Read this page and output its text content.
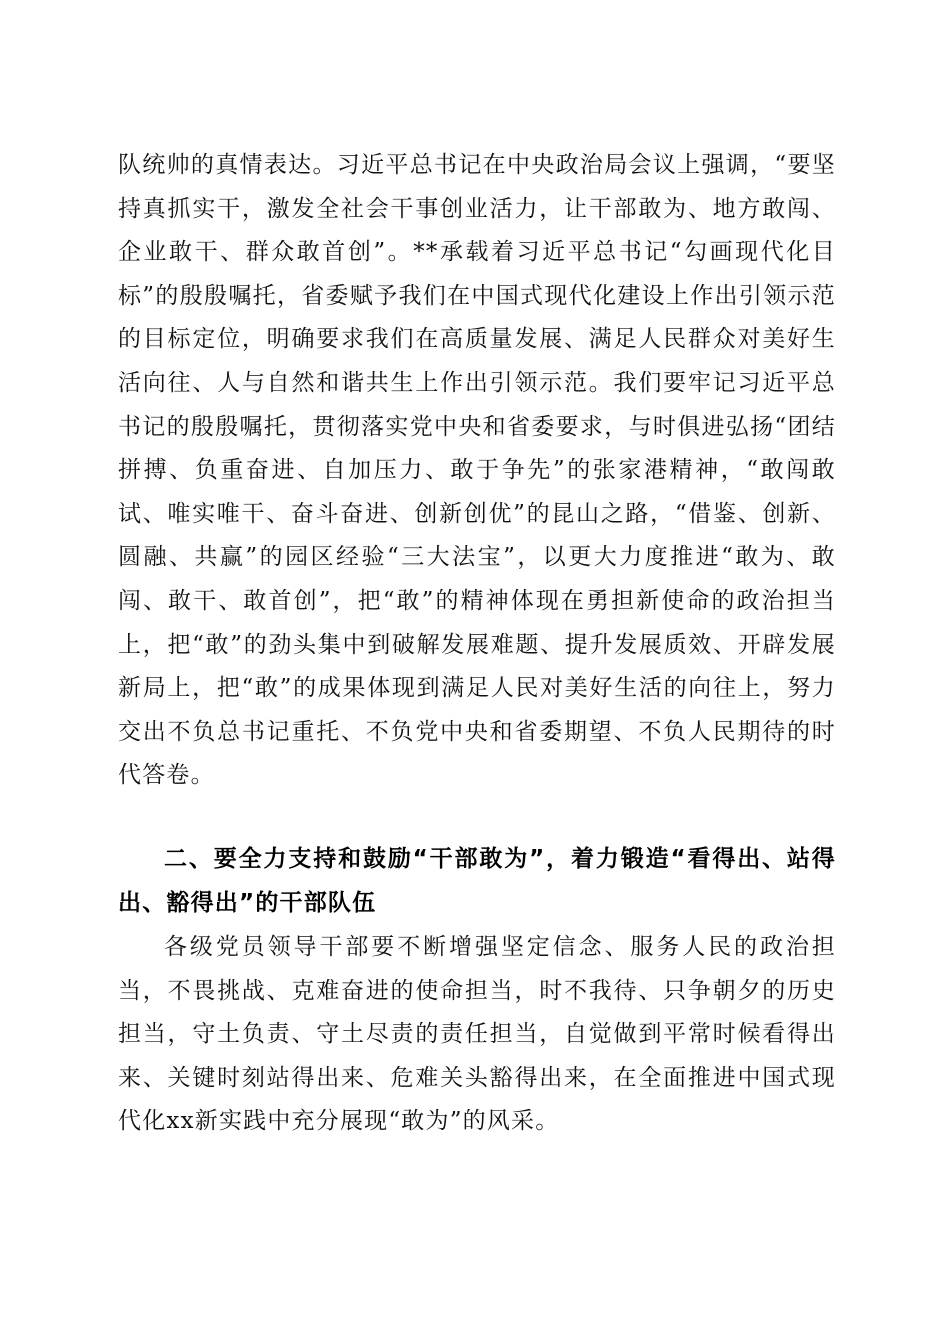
队统帅的真情表达。习近平总书记在中央政治局会议上强调，“要坚持真抓实干，激发全社会干事创业活力，让干部敢为、地方敢闯、企业敢干、群众敢首创”。**承载着习近平总书记“勾画现代化目标”的殷殷嘱托，省委赋予我们在中国式现代化建设上作出引领示范的目标定位，明确要求我们在高质量发展、满足人民群众对美好生活向往、人与自然和谐共生上作出引领示范。我们要牢记习近平总书记的殷殷嘱托，贯彻落实党中央和省委要求，与时俱进弘扬“团结拼搏、负重奋进、自加压力、敢于争先”的张家港精神，“敢闯敢试、唯实唯干、奋斗奋进、创新创优”的昆山之路，“借鉴、创新、圆融、共赢”的园区经验“三大法宝”，以更大力度推进“敢为、敢闯、敢干、敢首创”，把“敢”的精神体现在勇担新使命的政治担当上，把“敢”的劲头集中到破解发展难题、提升发展质效、开辟发展新局上，把“敢”的成果体现到满足人民对美好生活的向往上，努力交出不负总书记重托、不负党中央和省委期望、不负人民期待的时代答卷。

二、要全力支持和鼓励“干部敢为”，着力锻造“看得出、站得出、豁得出”的干部队伍

各级党员领导干部要不断增强坚定信念、服务人民的政治担当，不畏挑战、克难奋进的使命担当，时不我待、只争朝夕的历史担当，守土负责、守土尽责的责任担当，自觉做到平常时候看得出来、关键时刻站得出来、危难关头豁得出来，在全面推进中国式现代化xx新实践中充分展现“敢为”的风采。
